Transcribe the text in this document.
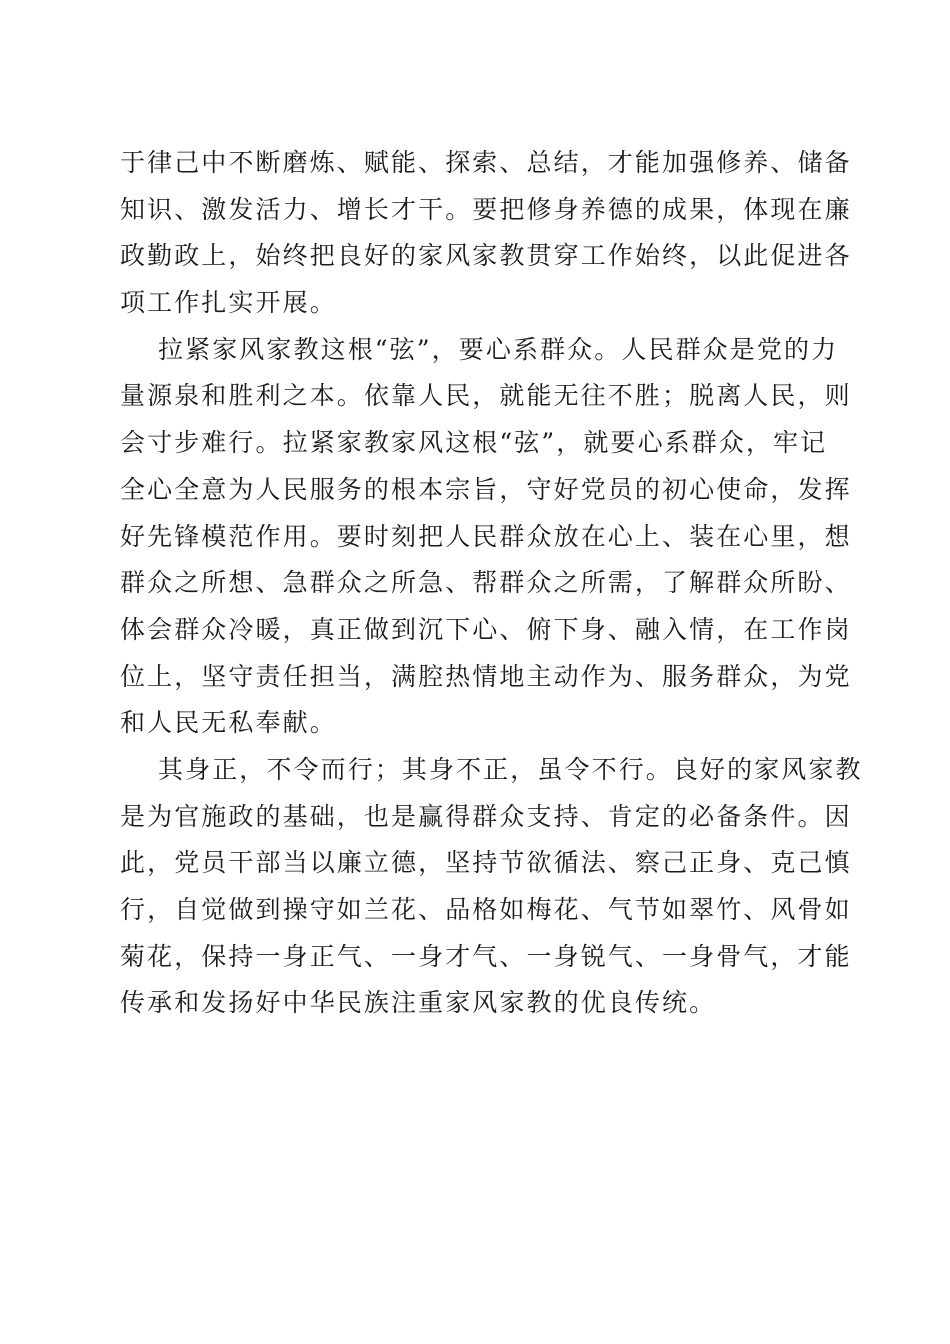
于律己中不断磨炼、赋能、探索、总结，才能加强修养、储备
知识、激发活力、增长才干。要把修身养德的成果，体现在廉
政勤政上，始终把良好的家风家教贯穿工作始终，以此促进各
项工作扎实开展。
拉紧家风家教这根“弦”，要心系群众。人民群众是党的力
量源泉和胜利之本。依靠人民，就能无往不胜；脱离人民，则
会寸步难行。拉紧家教家风这根“弦”，就要心系群众，牢记
全心全意为人民服务的根本宗旨，守好党员的初心使命，发挥
好先锋模范作用。要时刻把人民群众放在心上、装在心里，想
群众之所想、急群众之所急、帮群众之所需，了解群众所盼、
体会群众冷暖，真正做到沉下心、俯下身、融入情，在工作岗
位上，坚守责任担当，满腔热情地主动作为、服务群众，为党
和人民无私奉献。
其身正，不令而行；其身不正，虽令不行。良好的家风家教
是为官施政的基础，也是赢得群众支持、肯定的必备条件。因
此，党员干部当以廉立德，坚持节欲循法、察己正身、克己慎
行，自觉做到操守如兰花、品格如梅花、气节如翠竹、风骨如
菊花，保持一身正气、一身才气、一身锐气、一身骨气，才能
传承和发扬好中华民族注重家风家教的优良传统。
